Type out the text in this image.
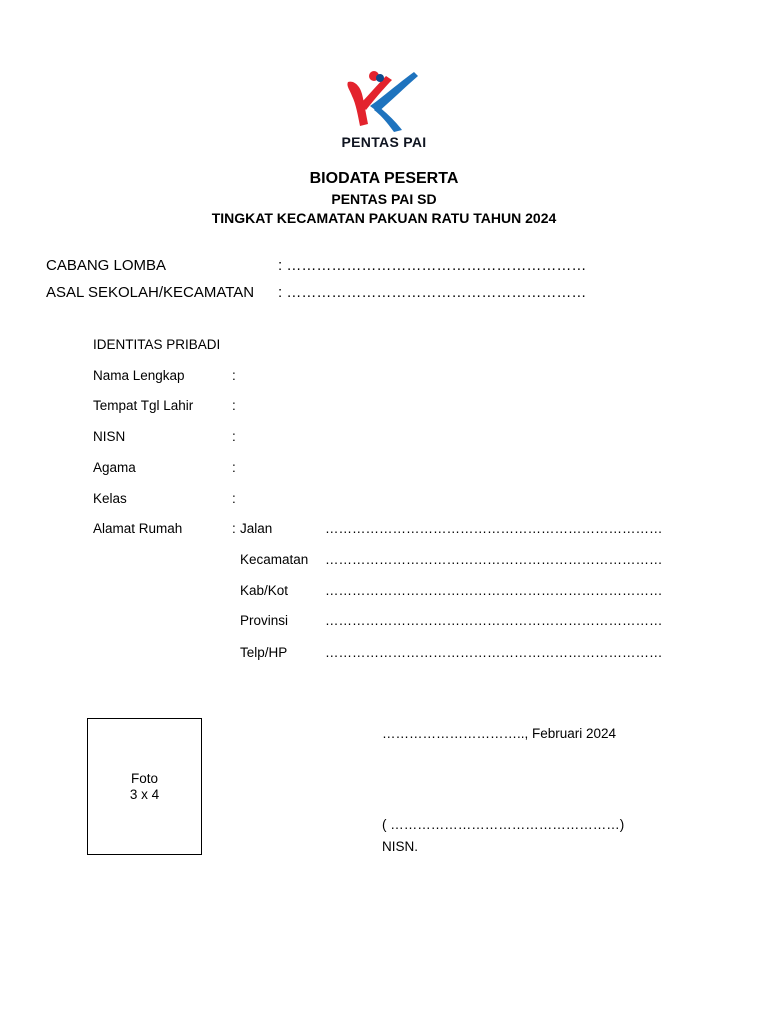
PENTAS PAI
BIODATA PESERTA
PENTAS PAI SD
TINGKAT KECAMATAN PAKUAN RATU TAHUN 2024
CABANG LOMBA	: ……………………………………………………
ASAL SEKOLAH/KECAMATAN : ……………………………………………………
IDENTITAS PRIBADI
Nama Lengkap	:
Tempat Tgl Lahir	:
NISN	:
Agama	:
Kelas	:
Alamat Rumah	: Jalan	…………………………………………………………………
Kecamatan …………………………………………………………………
Kab/Kot	…………………………………………………………………
Provinsi	…………………………………………………………………
Telp/HP	…………………………………………………………………
Foto
3 x 4
………………………….., Februari 2024
( ……………………………………………)
NISN.
